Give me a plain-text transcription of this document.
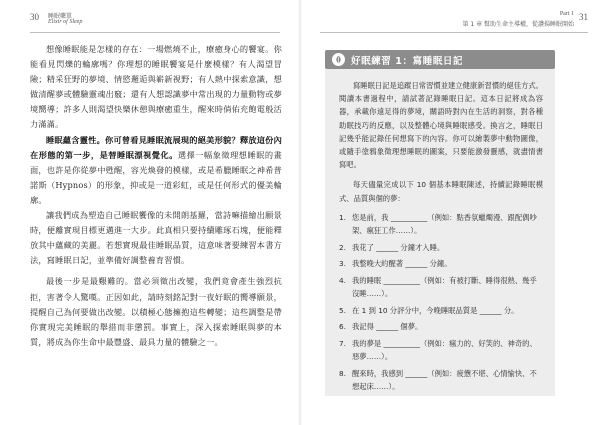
30 睡眠藥單
Elixir of Sleep

想像睡眠能是怎樣的存在：一場燃燒不止，療癒身心的饗宴。你能看見閃爍的輪廓嗎？你理想的睡眠饗宴是什麼模樣？有人渴望冒險；精采狂野的夢境、情慾邂逅與嶄新視野；有人熱中探索意識，想做清醒夢或體驗靈魂出竅；還有人想認識夢中常出現的力量動物或夢境嚮導；許多人則渴望快樂休憩與療癒重生，醒來時倘佑充飽電般活力滿滿。

睡眠蘊含靈性。你可曾看見睡眠流展現的絕美形貌？釋放這份內在形態的第一步，是替睡眠漂視覺化。選擇一幅象徵理想睡眠的畫面，也許是你從夢中甦醒，容光煥發的模樣，或是希臘睡眠之神希普諾斯（Hypnos）的形象，抑或是一道彩虹，或是任何形式的優美輪廓。

讓我們成為塑造自己睡眠饗像的未開朗基羅，當詩嘛描繪出願景時，便離實現目標更邁進一大步。此真相只要持續雕琢石塊，便能釋放其中蘊藏的美麗。若想實現最佳睡眠品質，這意味著要練習本書方法，寫睡眠日記，並準備好調整養育習慣。

最後一步是最艱難的。當必須徵出改變，我們竟會產生強烈抗拒，害著令人驚嘆。正因如此，請時刻銘記對一夜好眠的嚮導願景，提醒自己為何要做出改變。以積極心態擁抱這些轉變；這些調整是帶你實現完美睡眠的舉措而非懲罰。事實上，深入探索睡眠與夢的本質，將成為你生命中最豐盛、最具力量的體驗之一。

Part 1
第 1 章 幫助生命主導權，從讚揚睡眠開始
31
好眠練習 1：寫睡眠日記

寫睡眠日記是追蹤日常習慣並建立健康新習慣的絕佳方式。閱讀本書過程中，請試著記錄睡眠日記。這本日記將成為容器，承載你遠足得的夢境，關語時對內在生活的洞察，對各種助眠技巧的反應，以及整體心境與睡眠感受。換言之，睡眠日記幾乎能記錄任何想寫下的內容。你可以繪製夢中動物圖像，或隨手塗鴉象徵理想睡眠的圖案，只要能激發靈感，就盡情書寫吧。

每天儘量完成以下 10 個基本睡眠陳述，持續記錄睡眠模式、品質與個的夢：

1. 您是前，我 __________（例如：點香氛蠟燭漫、跟配偶吵架、瘋狂工作……）。
2. 我花了 ______ 分鐘才入睡。
3. 我整晚大約醒著 ______ 分鐘。
4. 我的睡眠 __________（例如：有被打斷、睡得很熟、幾乎沒睡……）。
5. 在 1 到 10 分評分中，今晚睡眠品質是 ______ 分。
6. 我記得 ______ 個夢。
7. 我的夢是 __________（例如：瘋力的、好笑的、神奇的、惡夢……）。
8. 醒來時，我感到 ______（例如：疲憊不堪、心情愉快、不想起床……）。
